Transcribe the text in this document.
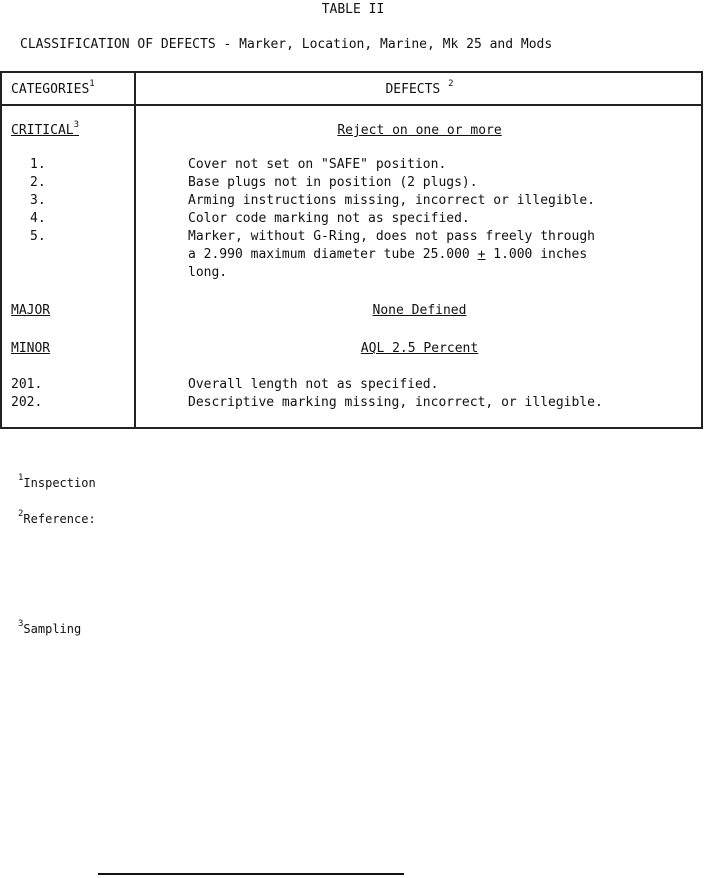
TABLE II
CLASSIFICATION OF DEFECTS - Marker, Location, Marine, Mk 25 and Mods
CATEGORIES$^1$	DEFECTS $^2$
CRITICAL$^3$	Reject on one or more
1.	Cover not set on "SAFE" position.
2.	Base plugs not in position (2 plugs).
3.	Arming instructions missing, incorrect or illegible.
4.	Color code marking not as specified.
5.	Marker, without G-Ring, does not pass freely through
a 2.990 maximum diameter tube 25.000 + 1.000 inches
long.
MAJOR	None Defined
MINOR	AQL 2.5 Percent
201.	Overall length not as specified.
202.	Descriptive marking missing, incorrect, or illegible.
$^1$Inspection
$^2$Reference:
$^3$Sampling
